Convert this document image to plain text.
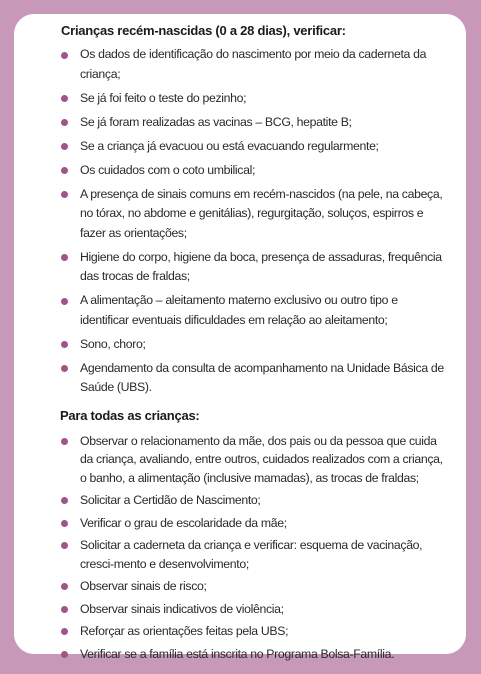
Crianças recém-nascidas (0 a 28 dias), verificar:
Os dados de identificação do nascimento por meio da caderneta da criança;
Se já foi feito o teste do pezinho;
Se já foram realizadas as vacinas – BCG, hepatite B;
Se a criança já evacuou ou está evacuando regularmente;
Os cuidados com o coto umbilical;
A presença de sinais comuns em recém-nascidos (na pele, na cabeça, no tórax, no abdome e genitálias), regurgitação, soluços, espirros e fazer as orientações;
Higiene do corpo, higiene da boca, presença de assaduras, frequência das trocas de fraldas;
A alimentação – aleitamento materno exclusivo ou outro tipo e identificar eventuais dificuldades em relação ao aleitamento;
Sono, choro;
Agendamento da consulta de acompanhamento na Unidade Básica de Saúde (UBS).
Para todas as crianças:
Observar o relacionamento da mãe, dos pais ou da pessoa que cuida da criança, avaliando, entre outros, cuidados realizados com a criança, o banho, a alimentação (inclusive mamadas), as trocas de fraldas;
Solicitar a Certidão de Nascimento;
Verificar o grau de escolaridade da mãe;
Solicitar a caderneta da criança e verificar: esquema de vacinação, cresci-mento e desenvolvimento;
Observar sinais de risco;
Observar sinais indicativos de violência;
Reforçar as orientações feitas pela UBS;
Verificar se a família está inscrita no Programa Bolsa-Família.
